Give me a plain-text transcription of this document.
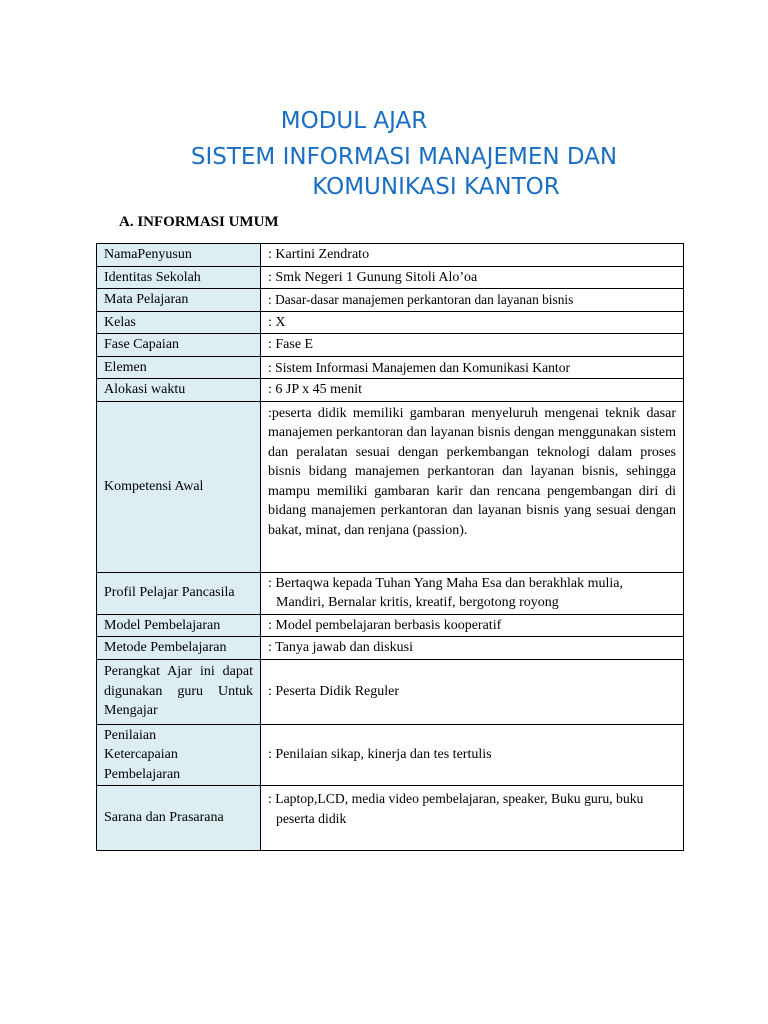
MODUL AJAR
SISTEM INFORMASI MANAJEMEN DAN
KOMUNIKASI KANTOR
A. INFORMASI UMUM
NamaPenyusun	: Kartini Zendrato
Identitas Sekolah	: Smk Negeri 1 Gunung Sitoli Alo’oa
Mata Pelajaran	: Dasar-dasar manajemen perkantoran dan layanan bisnis
Kelas	: X
Fase Capaian	: Fase E
Elemen	: Sistem Informasi Manajemen dan Komunikasi Kantor
Alokasi waktu	: 6 JP x 45 menit
Kompetensi Awal	:peserta didik memiliki gambaran menyeluruh mengenai teknik dasar manajemen perkantoran dan layanan bisnis dengan menggunakan sistem dan peralatan sesuai dengan perkembangan teknologi dalam proses bisnis bidang manajemen perkantoran dan layanan bisnis, sehingga mampu memiliki gambaran karir dan rencana pengembangan diri di bidang manajemen perkantoran dan layanan bisnis yang sesuai dengan bakat, minat, dan renjana (passion).
Profil Pelajar Pancasila	: Bertaqwa kepada Tuhan Yang Maha Esa dan berakhlak mulia,
Mandiri, Bernalar kritis, kreatif, bergotong royong

Model Pembelajaran	: Model pembelajaran berbasis kooperatif
Metode Pembelajaran	: Tanya jawab dan diskusi
Perangkat Ajar ini dapat digunakan guru Untuk Mengajar	: Peserta Didik Reguler

Penilaian
Ketercapaian
Pembelajaran	: Penilaian sikap, kinerja dan tes tertulis
Sarana dan Prasarana	: Laptop,LCD, media video pembelajaran, speaker, Buku guru, buku
peserta didik
